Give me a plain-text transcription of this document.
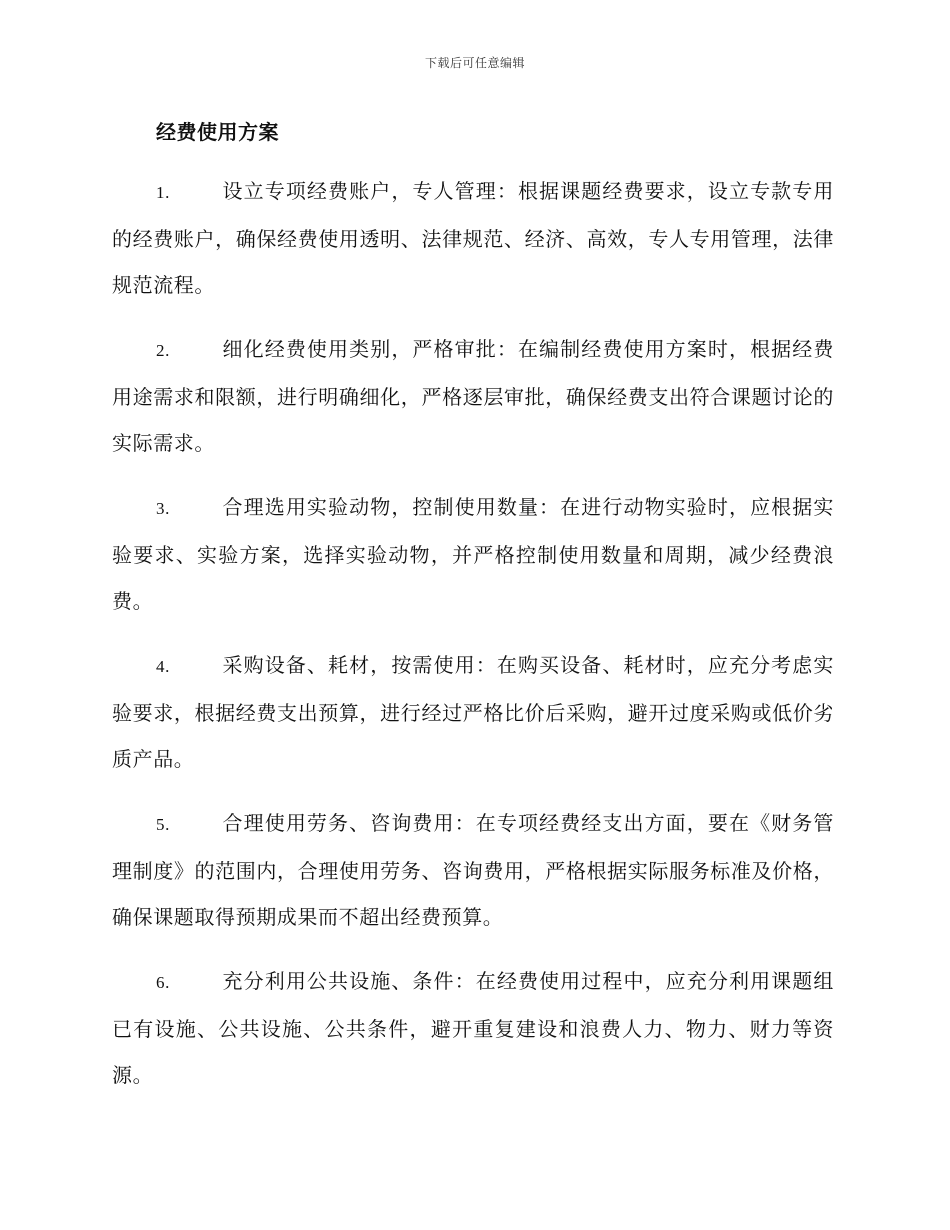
下载后可任意编辑
经费使用方案

1.	设立专项经费账户，专人管理：根据课题经费要求，设立专款专用的经费账户，确保经费使用透明、法律规范、经济、高效，专人专用管理，法律规范流程。

2.	细化经费使用类别，严格审批：在编制经费使用方案时，根据经费用途需求和限额，进行明确细化，严格逐层审批，确保经费支出符合课题讨论的实际需求。

3.	合理选用实验动物，控制使用数量：在进行动物实验时，应根据实验要求、实验方案，选择实验动物，并严格控制使用数量和周期，减少经费浪费。

4.	采购设备、耗材，按需使用：在购买设备、耗材时，应充分考虑实验要求，根据经费支出预算，进行经过严格比价后采购，避开过度采购或低价劣质产品。

5.	合理使用劳务、咨询费用：在专项经费经支出方面，要在《财务管理制度》的范围内，合理使用劳务、咨询费用，严格根据实际服务标准及价格，确保课题取得预期成果而不超出经费预算。

6.	充分利用公共设施、条件：在经费使用过程中，应充分利用课题组已有设施、公共设施、公共条件，避开重复建设和浪费人力、物力、财力等资源。
